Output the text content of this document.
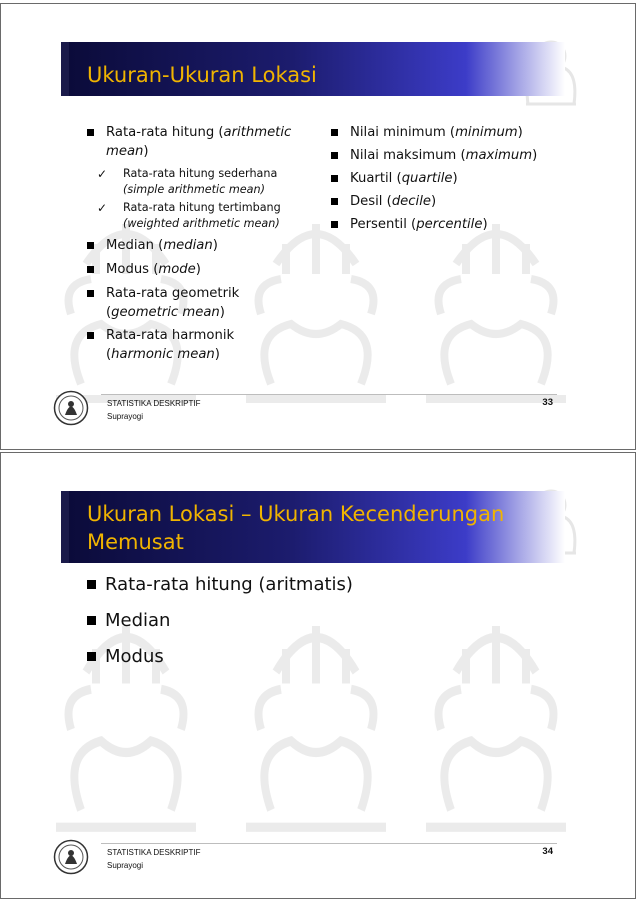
Ukuran-Ukuran Lokasi
Rata-rata hitung (arithmetic
mean)
✓	Rata-rata hitung sederhana
(simple arithmetic mean)
✓	Rata-rata hitung tertimbang
(weighted arithmetic mean)
Median (median)
Modus (mode)
Rata-rata geometrik
(geometric mean)
Rata-rata harmonik
(harmonic mean)
Nilai minimum (minimum)
Nilai maksimum (maximum)
Kuartil (quartile)
Desil (decile)
Persentil (percentile)
STATISTIKA DESKRIPTIF
Suprayogi
33
Ukuran Lokasi – Ukuran Kecenderungan
Memusat
Rata-rata hitung (aritmatis)
Median
Modus
STATISTIKA DESKRIPTIF
Suprayogi
34
